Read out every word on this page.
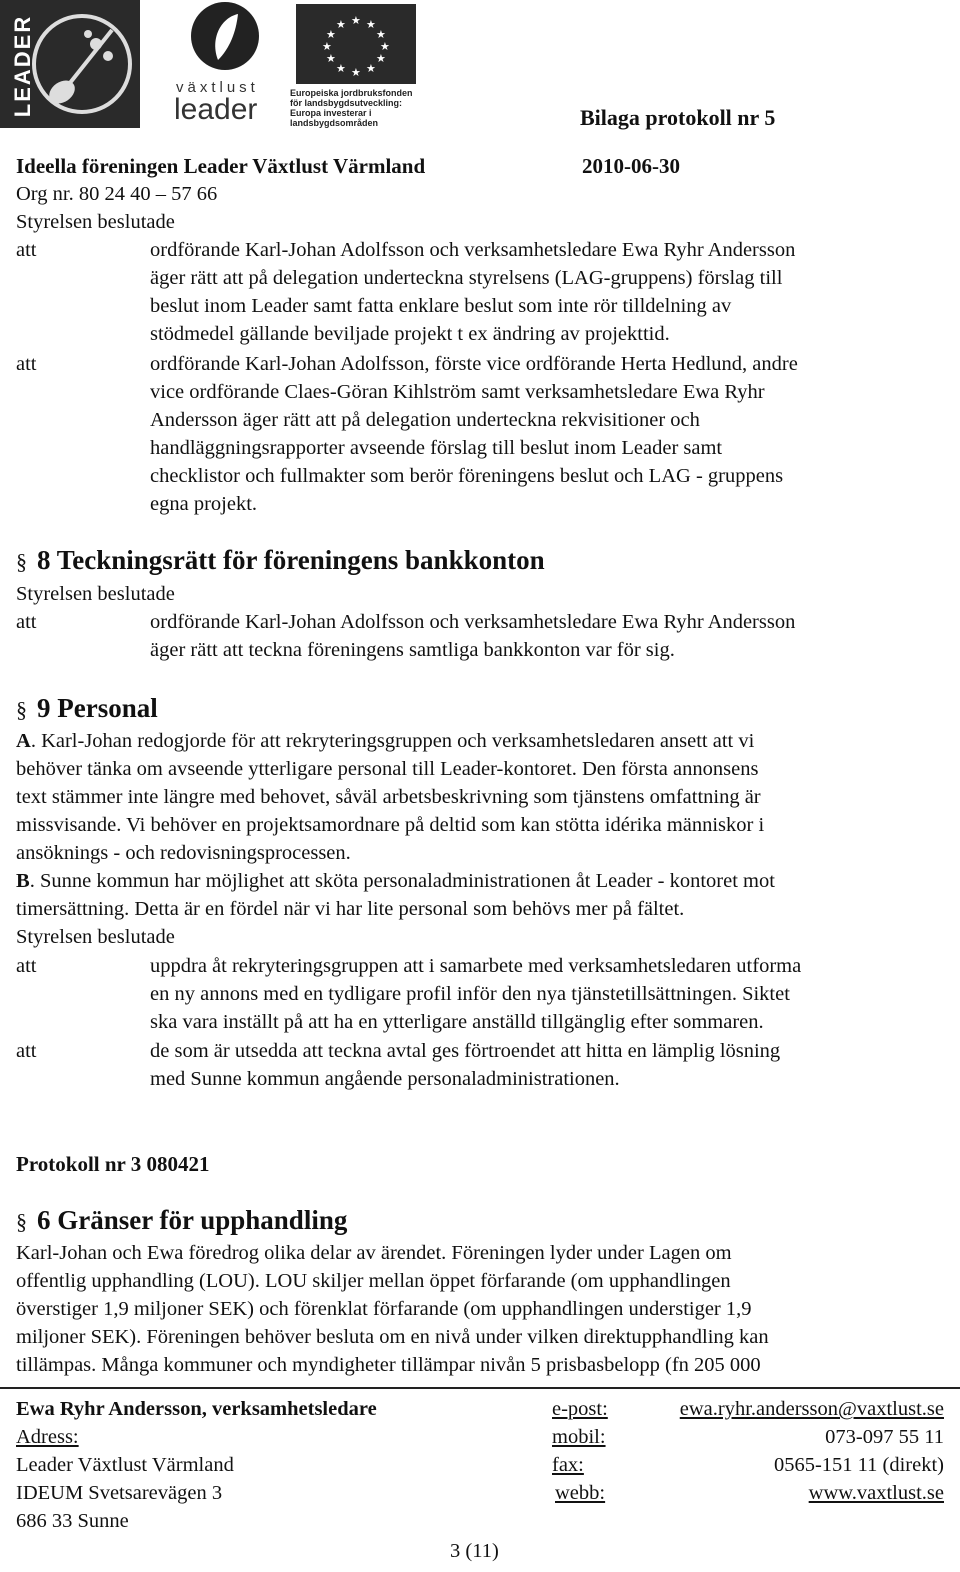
LEADER	växtlust
leader
★ ★
★
★
★
★
★
★
★
★
★
★
Europeiska jordbruksfonden för landsbygdsutveckling: Europa investerar i landsbygdsområden	Bilaga protokoll nr 5
Ideella föreningen Leader Växtlust Värmland	2010-06-30
Org nr. 80 24 40 – 57 66
Styrelsen beslutade
att	ordförande Karl-Johan Adolfsson och verksamhetsledare Ewa Ryhr Andersson
äger rätt att på delegation underteckna styrelsens (LAG-gruppens) förslag till
beslut inom Leader samt fatta enklare beslut som inte rör tilldelning av
stödmedel gällande beviljade projekt t ex ändring av projekttid.
att	ordförande Karl-Johan Adolfsson, förste vice ordförande Herta Hedlund, andre
vice ordförande Claes-Göran Kihlström samt verksamhetsledare Ewa Ryhr
Andersson äger rätt att på delegation underteckna rekvisitioner och
handläggningsrapporter avseende förslag till beslut inom Leader samt
checklistor och fullmakter som berör föreningens beslut och LAG - gruppens
egna projekt.
§ 8 Teckningsrätt för föreningens bankkonton
Styrelsen beslutade
att	ordförande Karl-Johan Adolfsson och verksamhetsledare Ewa Ryhr Andersson
äger rätt att teckna föreningens samtliga bankkonton var för sig.
§ 9 Personal
A. Karl-Johan redogjorde för att rekryteringsgruppen och verksamhetsledaren ansett att vi
behöver tänka om avseende ytterligare personal till Leader-kontoret. Den första annonsens
text stämmer inte längre med behovet, såväl arbetsbeskrivning som tjänstens omfattning är
missvisande. Vi behöver en projektsamordnare på deltid som kan stötta idérika människor i
ansöknings - och redovisningsprocessen.
B. Sunne kommun har möjlighet att sköta personaladministrationen åt Leader - kontoret mot
timersättning. Detta är en fördel när vi har lite personal som behövs mer på fältet.
Styrelsen beslutade
att	uppdra åt rekryteringsgruppen att i samarbete med verksamhetsledaren utforma
en ny annons med en tydligare profil inför den nya tjänstetillsättningen. Siktet
ska vara inställt på att ha en ytterligare anställd tillgänglig efter sommaren.
att	de som är utsedda att teckna avtal ges förtroendet att hitta en lämplig lösning
med Sunne kommun angående personaladministrationen.
Protokoll nr 3 080421
§ 6 Gränser för upphandling
Karl-Johan och Ewa föredrog olika delar av ärendet. Föreningen lyder under Lagen om
offentlig upphandling (LOU). LOU skiljer mellan öppet förfarande (om upphandlingen
överstiger 1,9 miljoner SEK) och förenklat förfarande (om upphandlingen understiger 1,9
miljoner SEK). Föreningen behöver besluta om en nivå under vilken direktupphandling kan
tillämpas. Många kommuner och myndigheter tillämpar nivån 5 prisbasbelopp (fn 205 000
Ewa Ryhr Andersson, verksamhetsledare
Adress:
Leader Växtlust Värmland
IDEUM Svetsarevägen 3
686 33 Sunne
e-post:	ewa.ryhr.andersson@vaxtlust.se
mobil:	073-097 55 11
fax:	0565-151 11 (direkt)
webb:	www.vaxtlust.se
3 (11)
